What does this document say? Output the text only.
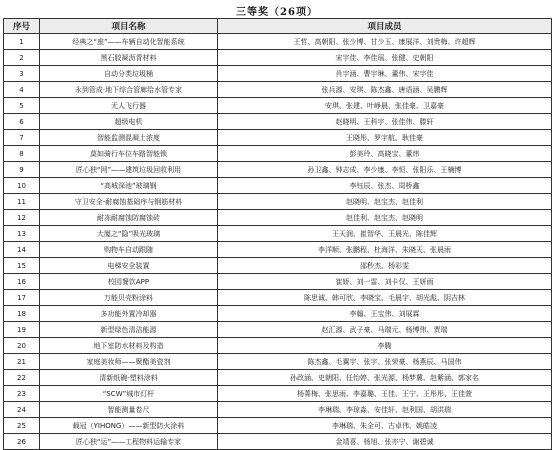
三等奖（26项）
序号	项目名称	项目成员
1	经典之“座”——车辆自动化智能系统	王哲、高朝阳、张少博、甘少玉、康展洋、刘贵梅、许超辉
2	黑石胶凝沥青材料	宋宇佳、李佳瑶、张健、史朝阳
3	自动分类垃圾桶	肖宇涵、曹宇琳、董伟、宋宇佳
4	永到管成·地下综合管廊给水管专家	张兵源、安琪、陈杰鑫、唐语涵、吴鹏辉
5	无人飞行器	安琪、张建、叶峥晨、张佳豪、卫嘉豪
6	超级电机	赵晓明、王科宇、张佳伟、滕轩
7	智能监测混凝土浓度	王晓彤、罗宇航、耿佳豪
8	莫如骑行车位车路智能锁	彭美玲、高晓宝、董炜
9	匠心独“网”——建筑垃圾回收利用	孙卫鑫、钟志成、李少康、李恒、张阳乐、王楠博
10	“高城深池”玻璃钢	李钰辰、张杰、周桥鑫
11	守卫安全-耐腐蚀基础序与钢筋材料	赵晓明、赵宝杰、赵佳利
12	耐冻耐腐蚀防腐蚀砖	赵佳利、赵宝杰、赵晓明
13	大厦之“隐”吸光玻璃	王天润、崔智华、王晨光、陈佳辉
14	购物车自动跟随	李洋顺、张鹏程、杜海洋、朱晓天、张晨雨
15	电梯安全装置	邵秒杰、杨彩雯
16	校园餐饮APP	崔娇、刘一雷、刘卡仅、王妍雨
17	万能贝壳粉涂料	陈思诚、韩可欣、李晓宝、毛晨宇、胡光彪、阴吉林
18	多功能外置冷却器	李翰、王宝伟、刘展霖
19	新型绿色清洁能源	赵汇源、武子豪、马瑞元、杨博伟、贾瑞
20	地下室防水材料及构造	李腾
21	家庭美妆师——聚酯美瓷剂	陈杰鑫、毛翼宇、张宇、张荣豪、杨燕辰、马国伟
22	清新纸碗-塑料涂料	孙政涵、史朝阳、任怡婷、张光源、杨梦冀、赵紫涵、郭家名
23	“SCW”城市灯杆	杨菁梅、张思雨、李嘉璐、王佳、王宁、王彤彤、王佳萱
24	智能测量卷尺	李琳瑞、李琼淼、安佳轩、赵利国、胡洪瑞
25	载冠（YIHONG）——新型防火涂料	李琳瑞、朱全可、古卓伟、姚皓凌
26	匠心独“运”——工程物料运输专家	金靖喜、杨旭、张亦宁、谢碧诚
